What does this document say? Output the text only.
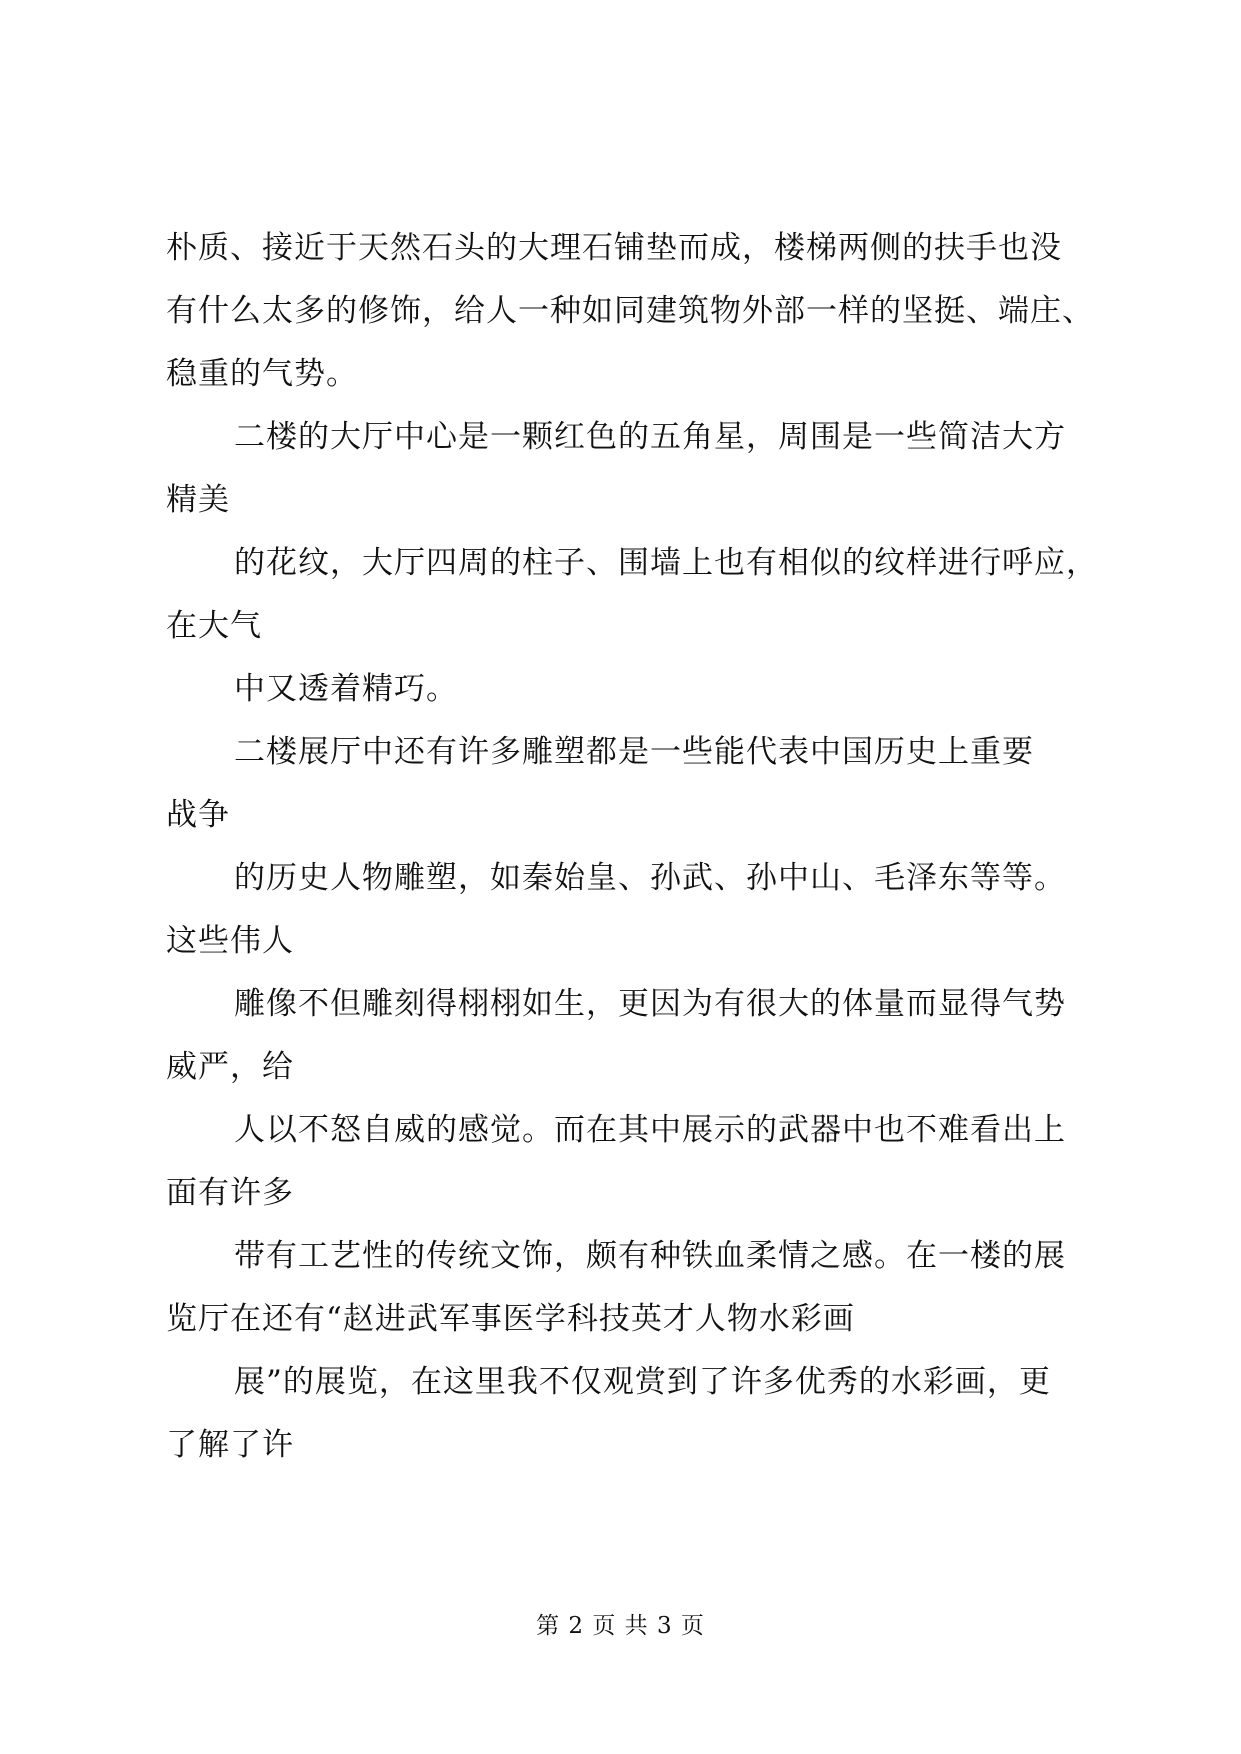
朴质、接近于天然石头的大理石铺垫而成，楼梯两侧的扶手也没
有什么太多的修饰，给人一种如同建筑物外部一样的坚挺、端庄、
稳重的气势。
二楼的大厅中心是一颗红色的五角星，周围是一些简洁大方
精美
的花纹，大厅四周的柱子、围墙上也有相似的纹样进行呼应，
在大气
中又透着精巧。
二楼展厅中还有许多雕塑都是一些能代表中国历史上重要
战争
的历史人物雕塑，如秦始皇、孙武、孙中山、毛泽东等等。
这些伟人
雕像不但雕刻得栩栩如生，更因为有很大的体量而显得气势
威严，给
人以不怒自威的感觉。而在其中展示的武器中也不难看出上
面有许多
带有工艺性的传统文饰，颇有种铁血柔情之感。在一楼的展
览厅在还有“赵进武军事医学科技英才人物水彩画
展”的展览，在这里我不仅观赏到了许多优秀的水彩画，更
了解了许
第 2 页 共 3 页
